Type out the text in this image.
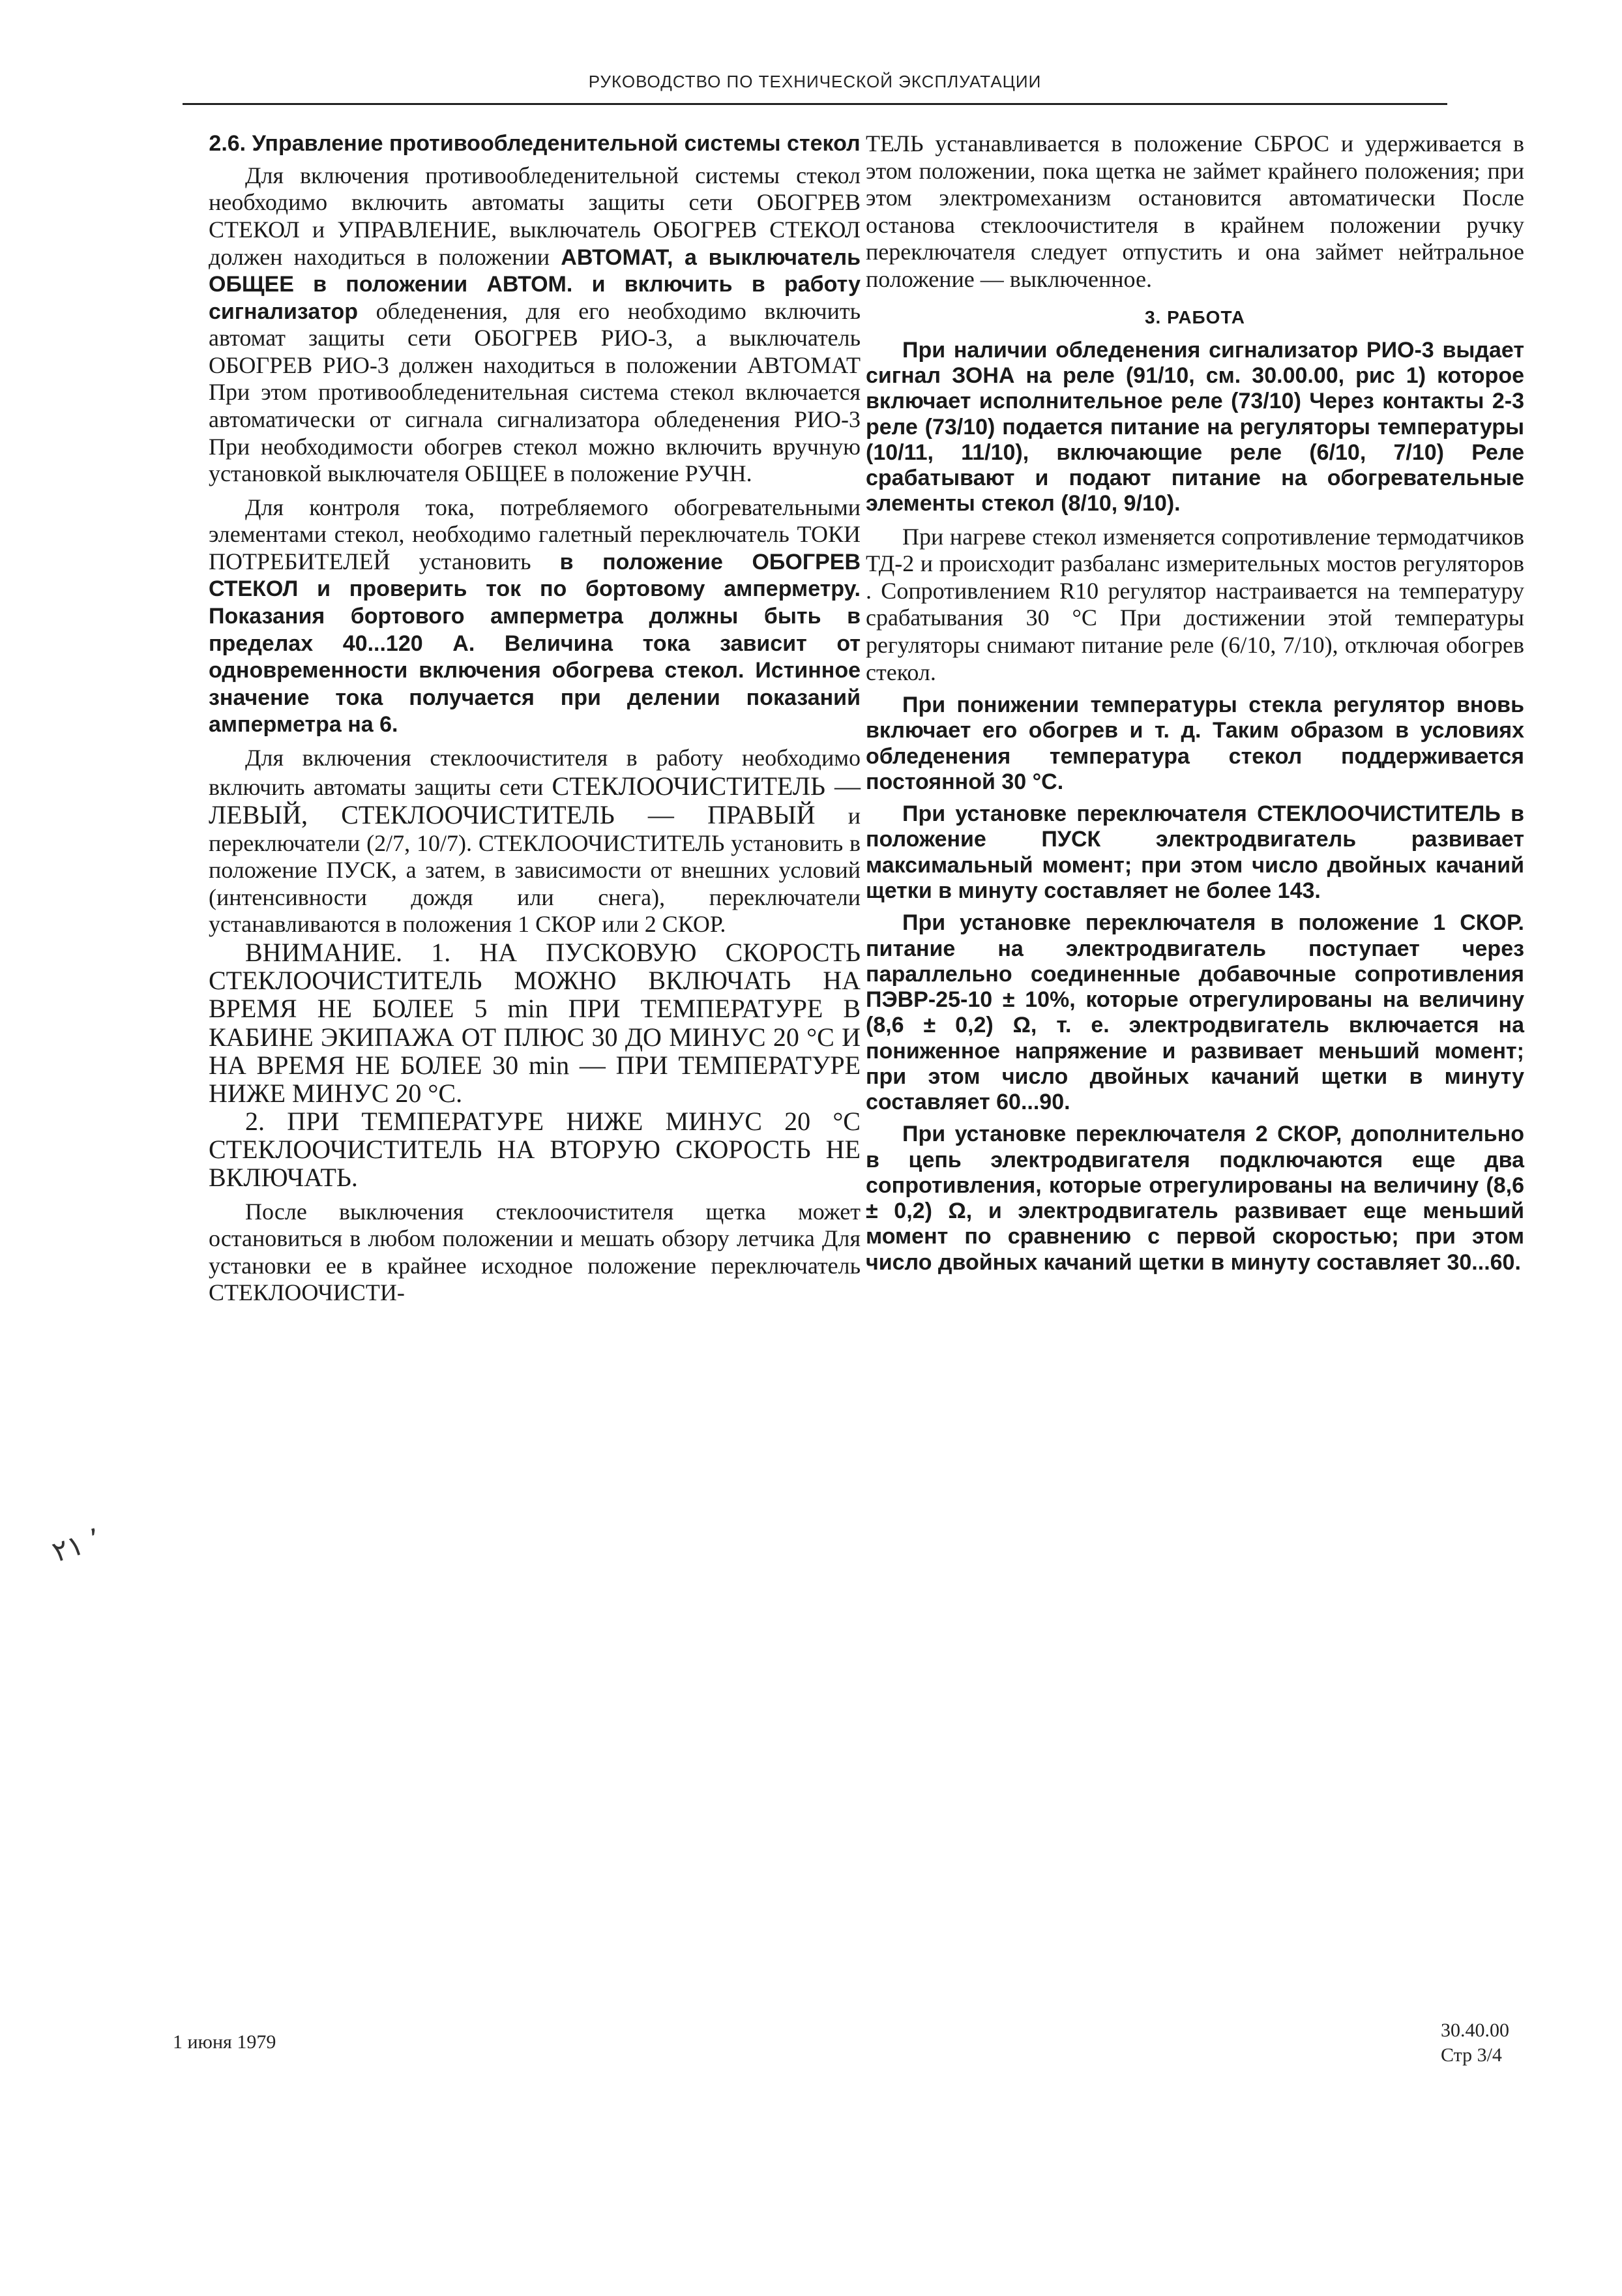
РУКОВОДСТВО ПО ТЕХНИЧЕСКОЙ ЭКСПЛУАТАЦИИ
2.6. Управление противообледенительной системы стекол

Для включения противообледенительной системы стекол необходимо включить автоматы защиты сети ОБОГРЕВ СТЕКОЛ и УПРАВЛЕНИЕ, выключатель ОБОГРЕВ СТЕКОЛ должен находиться в положении АВТОМАТ, а выключатель ОБЩЕЕ в положении АВТОМ. и включить в работу сигнализатор обледенения, для его необходимо включить автомат защиты сети ОБОГРЕВ РИО-3, а выключатель ОБОГРЕВ РИО-3 должен находиться в положении АВТОМАТ При этом противообледенительная система стекол включается автоматически от сигнала сигнализатора обледенения РИО-3 При необходимости обогрев стекол можно включить вручную установкой выключателя ОБЩЕЕ в положение РУЧН.

Для контроля тока, потребляемого обогревательными элементами стекол, необходимо галетный переключатель ТОКИ ПОТРЕБИТЕЛЕЙ установить в положение ОБОГРЕВ СТЕКОЛ и проверить ток по бортовому амперметру. Показания бортового амперметра должны быть в пределах 40...120 А. Величина тока зависит от одновременности включения обогрева стекол. Истинное значение тока получается при делении показаний амперметра на 6.

Для включения стеклоочистителя в работу необходимо включить автоматы защиты сети СТЕКЛООЧИСТИТЕЛЬ — ЛЕВЫЙ, СТЕКЛООЧИСТИТЕЛЬ — ПРАВЫЙ и переключатели (2/7, 10/7). СТЕКЛООЧИСТИТЕЛЬ установить в положение ПУСК, а затем, в зависимости от внешних условий (интенсивности дождя или снега), переключатели устанавливаются в положения 1 СКОР или 2 СКОР.

ВНИМАНИЕ. 1. НА ПУСКОВУЮ СКОРОСТЬ СТЕКЛООЧИСТИТЕЛЬ МОЖНО ВКЛЮЧАТЬ НА ВРЕМЯ НЕ БОЛЕЕ 5 min ПРИ ТЕМПЕРАТУРЕ В КАБИНЕ ЭКИПАЖА ОТ ПЛЮС 30 ДО МИНУС 20 °С И НА ВРЕМЯ НЕ БОЛЕЕ 30 min — ПРИ ТЕМПЕРАТУРЕ НИЖЕ МИНУС 20 °С.

2. ПРИ ТЕМПЕРАТУРЕ НИЖЕ МИНУС 20 °С СТЕКЛООЧИСТИТЕЛЬ НА ВТОРУЮ СКОРОСТЬ НЕ ВКЛЮЧАТЬ.

После выключения стеклоочистителя щетка может остановиться в любом положении и мешать обзору летчика Для установки ее в крайнее исходное положение переключатель СТЕКЛООЧИСТИ-

ТЕЛЬ устанавливается в положение СБРОС и удерживается в этом положении, пока щетка не займет крайнего положения; при этом электромеханизм остановится автоматически После останова стеклоочистителя в крайнем положении ручку переключателя следует отпустить и она займет нейтральное положение — выключенное.

3. РАБОТА

При наличии обледенения сигнализатор РИО-3 выдает сигнал ЗОНА на реле (91/10, см. 30.00.00, рис 1) которое включает исполнительное реле (73/10) Через контакты 2-3 реле (73/10) подается питание на регуляторы температуры (10/11, 11/10), включающие реле (6/10, 7/10) Реле срабатывают и подают питание на обогревательные элементы стекол (8/10, 9/10).

При нагреве стекол изменяется сопротивление термодатчиков ТД-2 и происходит разбаланс измерительных мостов регуляторов . Сопротивлением R10 регулятор настраивается на температуру срабатывания 30 °С При достижении этой температуры регуляторы снимают питание реле (6/10, 7/10), отключая обогрев стекол.

При понижении температуры стекла регулятор вновь включает его обогрев и т. д. Таким образом в условиях обледенения температура стекол поддерживается постоянной 30 °С.

При установке переключателя СТЕКЛООЧИСТИТЕЛЬ в положение ПУСК электродвигатель развивает максимальный момент; при этом число двойных качаний щетки в минуту составляет не более 143.

При установке переключателя в положение 1 СКОР. питание на электродвигатель поступает через параллельно соединенные добавочные сопротивления ПЭВР-25-10 ± 10%, которые отрегулированы на величину (8,6 ± 0,2) Ω, т. е. электродвигатель включается на пониженное напряжение и развивает меньший момент; при этом число двойных качаний щетки в минуту составляет 60...90.

При установке переключателя 2 СКОР, дополнительно в цепь электродвигателя подключаются еще два сопротивления, которые отрегулированы на величину (8,6 ± 0,2) Ω, и электродвигатель развивает еще меньший момент по сравнению с первой скоростью; при этом число двойных качаний щетки в минуту составляет 30...60.

٬ ٢١
1 июня 1979
30.40.00
Стр 3/4
